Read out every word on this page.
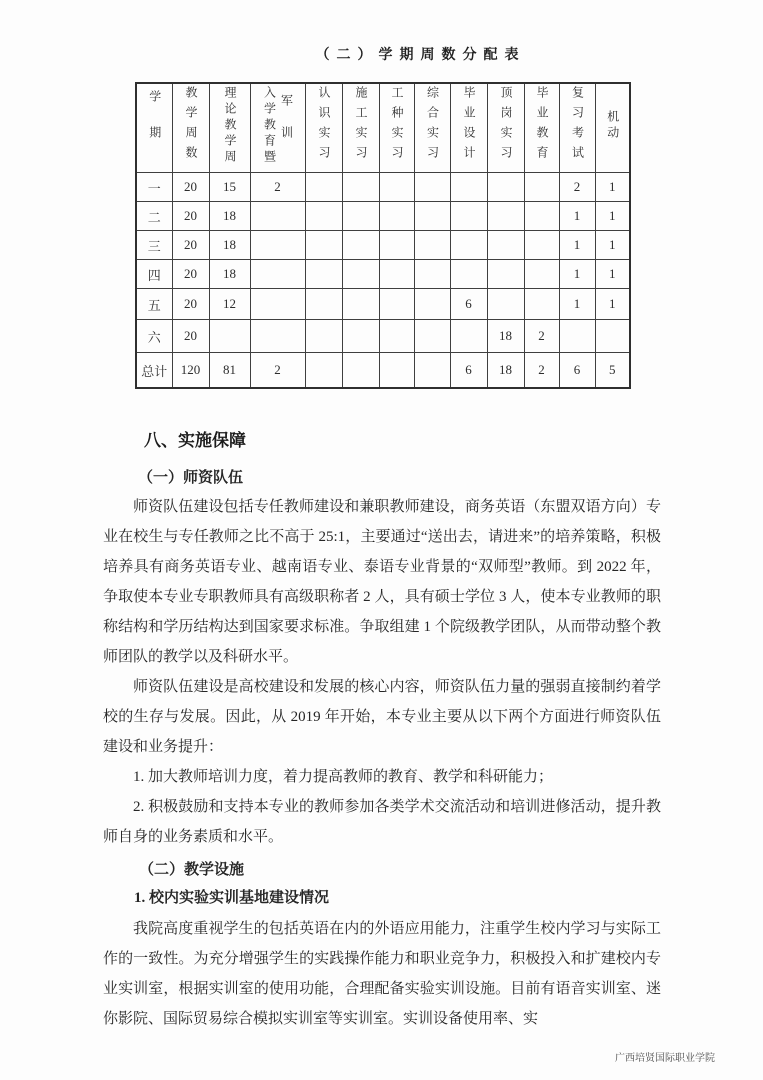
（二）学期周数分配表
学期	教学周数	理论教学周	入学教育暨 军训	认识实习	施工实习	工种实习	综合实习	毕业设计	顶岗实习	毕业教育	复习考试	机动

一	20	15	2								2	1
二	20	18									1	1
三	20	18									1	1
四	20	18									1	1
五	20	12						6			1	1
六	20								18	2		
总计	120	81	2					6	18	2	6	5
八、实施保障
（一）师资队伍

师资队伍建设包括专任教师建设和兼职教师建设，商务英语（东盟双语方向）专业在校生与专任教师之比不高于 25:1，主要通过“送出去，请进来”的培养策略，积极培养具有商务英语专业、越南语专业、泰语专业背景的“双师型”教师。到 2022 年，争取使本专业专职教师具有高级职称者 2 人，具有硕士学位 3 人，使本专业教师的职称结构和学历结构达到国家要求标准。争取组建 1 个院级教学团队，从而带动整个教师团队的教学以及科研水平。

师资队伍建设是高校建设和发展的核心内容，师资队伍力量的强弱直接制约着学校的生存与发展。因此，从 2019 年开始，本专业主要从以下两个方面进行师资队伍建设和业务提升：

1. 加大教师培训力度，着力提高教师的教育、教学和科研能力；

2. 积极鼓励和支持本专业的教师参加各类学术交流活动和培训进修活动，提升教师自身的业务素质和水平。

（二）教学设施
1. 校内实验实训基地建设情况

我院高度重视学生的包括英语在内的外语应用能力，注重学生校内学习与实际工作的一致性。为充分增强学生的实践操作能力和职业竞争力，积极投入和扩建校内专业实训室，根据实训室的使用功能，合理配备实验实训设施。目前有语音实训室、迷你影院、国际贸易综合模拟实训室等实训室。实训设备使用率、实

广西培贤国际职业学院
